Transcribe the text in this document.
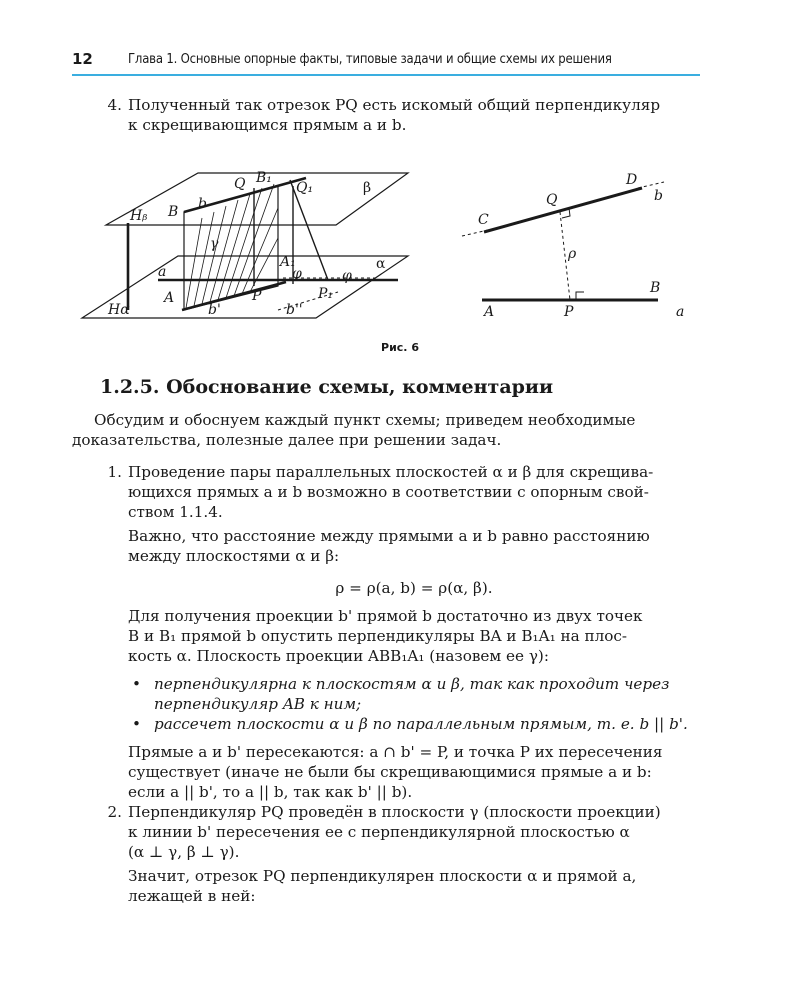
12	Глава 1. Основные опорные факты, типовые задачи и общие схемы их решения
4. Полученный так отрезок PQ есть искомый общий перпендикуляр
к скрещивающимся прямым a и b.
Q B₁
Q₁	β
Hᵦ B b
γ
A₁
φ
a	α
φ
A	P	P₁
Hα	b'	b''
D
b
Q
C
ρ
B
A	P	a
Рис. 6
1.2.5. Обоснование схемы, комментарии
Обсудим и обоснуем каждый пункт схемы; приведем необходимые
доказательства, полезные далее при решении задач.
1. Проведение пары параллельных плоскостей α и β для скрещива-
ющихся прямых a и b возможно в соответствии с опорным свой-
ством 1.1.4.
Важно, что расстояние между прямыми a и b равно расстоянию
между плоскостями α и β:
ρ = ρ(a, b) = ρ(α, β).
Для получения проекции b' прямой b достаточно из двух точек
B и B₁ прямой b опустить перпендикуляры BA и B₁A₁ на плос-
кость α. Плоскость проекции ABB₁A₁ (назовем ее γ):
• перпендикулярна к плоскостям α и β, так как проходит через
перпендикуляр AB к ним;
• рассечет плоскости α и β по параллельным прямым, т. е. b || b'.
Прямые a и b' пересекаются: a ∩ b' = P, и точка P их пересечения
существует (иначе не были бы скрещивающимися прямые a и b:
если a || b', то a || b, так как b' || b).
2. Перпендикуляр PQ проведён в плоскости γ (плоскости проекции)
к линии b' пересечения ее с перпендикулярной плоскостью α
(α ⊥ γ, β ⊥ γ).
Значит, отрезок PQ перпендикулярен плоскости α и прямой a,
лежащей в ней:
